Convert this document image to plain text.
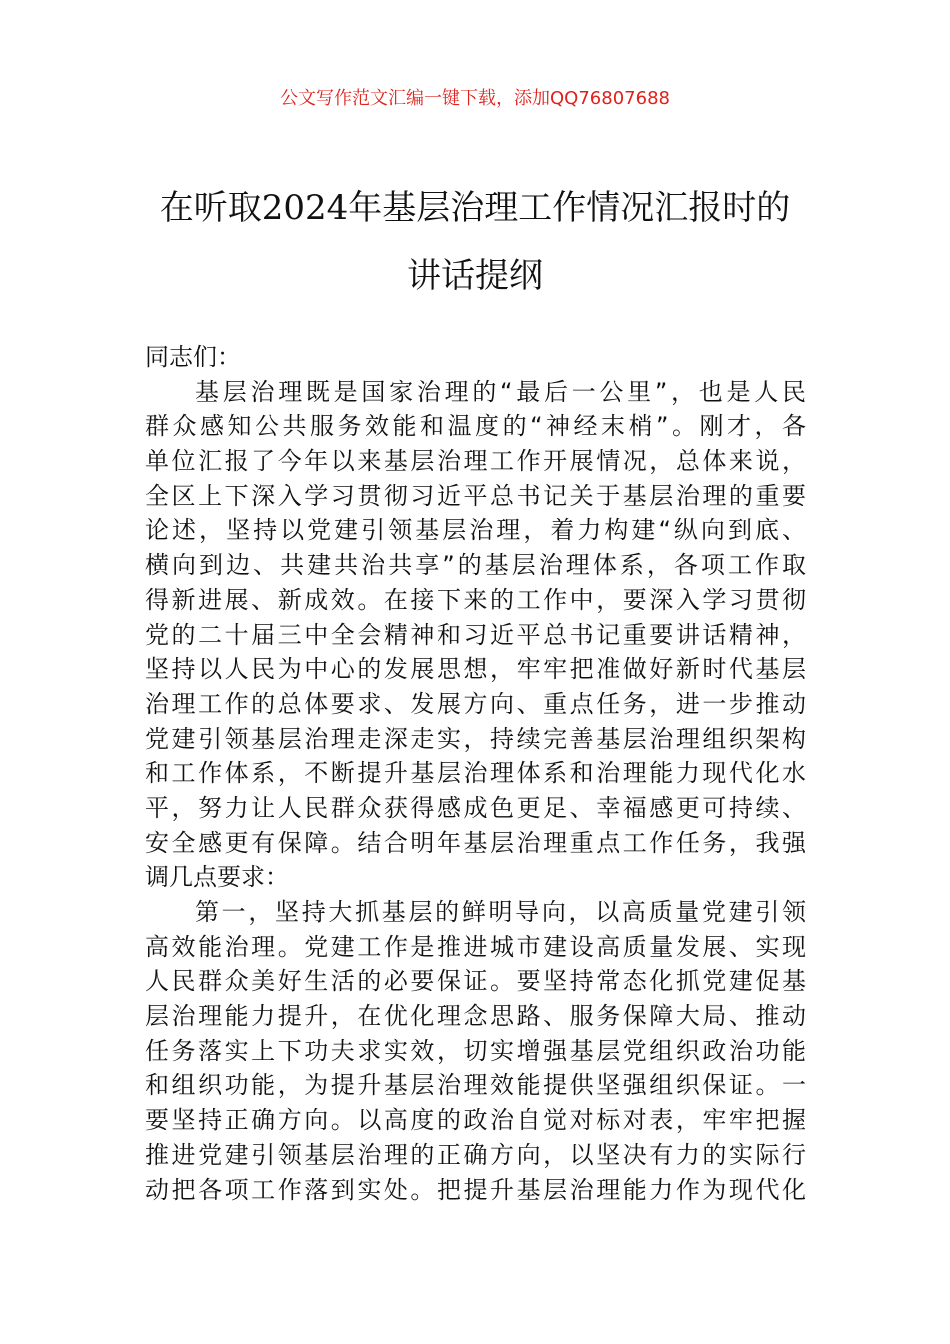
公文写作范文汇编一键下载，添加QQ76807688
在听取2024年基层治理工作情况汇报时的
讲话提纲
同志们：
基层治理既是国家治理的“最后一公里”，也是人民
群众感知公共服务效能和温度的“神经末梢”。刚才，各
单位汇报了今年以来基层治理工作开展情况，总体来说，
全区上下深入学习贯彻习近平总书记关于基层治理的重要
论述，坚持以党建引领基层治理，着力构建“纵向到底、
横向到边、共建共治共享”的基层治理体系，各项工作取
得新进展、新成效。在接下来的工作中，要深入学习贯彻
党的二十届三中全会精神和习近平总书记重要讲话精神，
坚持以人民为中心的发展思想，牢牢把准做好新时代基层
治理工作的总体要求、发展方向、重点任务，进一步推动
党建引领基层治理走深走实，持续完善基层治理组织架构
和工作体系，不断提升基层治理体系和治理能力现代化水
平，努力让人民群众获得感成色更足、幸福感更可持续、
安全感更有保障。结合明年基层治理重点工作任务，我强
调几点要求：
第一，坚持大抓基层的鲜明导向，以高质量党建引领
高效能治理。党建工作是推进城市建设高质量发展、实现
人民群众美好生活的必要保证。要坚持常态化抓党建促基
层治理能力提升，在优化理念思路、服务保障大局、推动
任务落实上下功夫求实效，切实增强基层党组织政治功能
和组织功能，为提升基层治理效能提供坚强组织保证。一
要坚持正确方向。以高度的政治自觉对标对表，牢牢把握
推进党建引领基层治理的正确方向，以坚决有力的实际行
动把各项工作落到实处。把提升基层治理能力作为现代化
